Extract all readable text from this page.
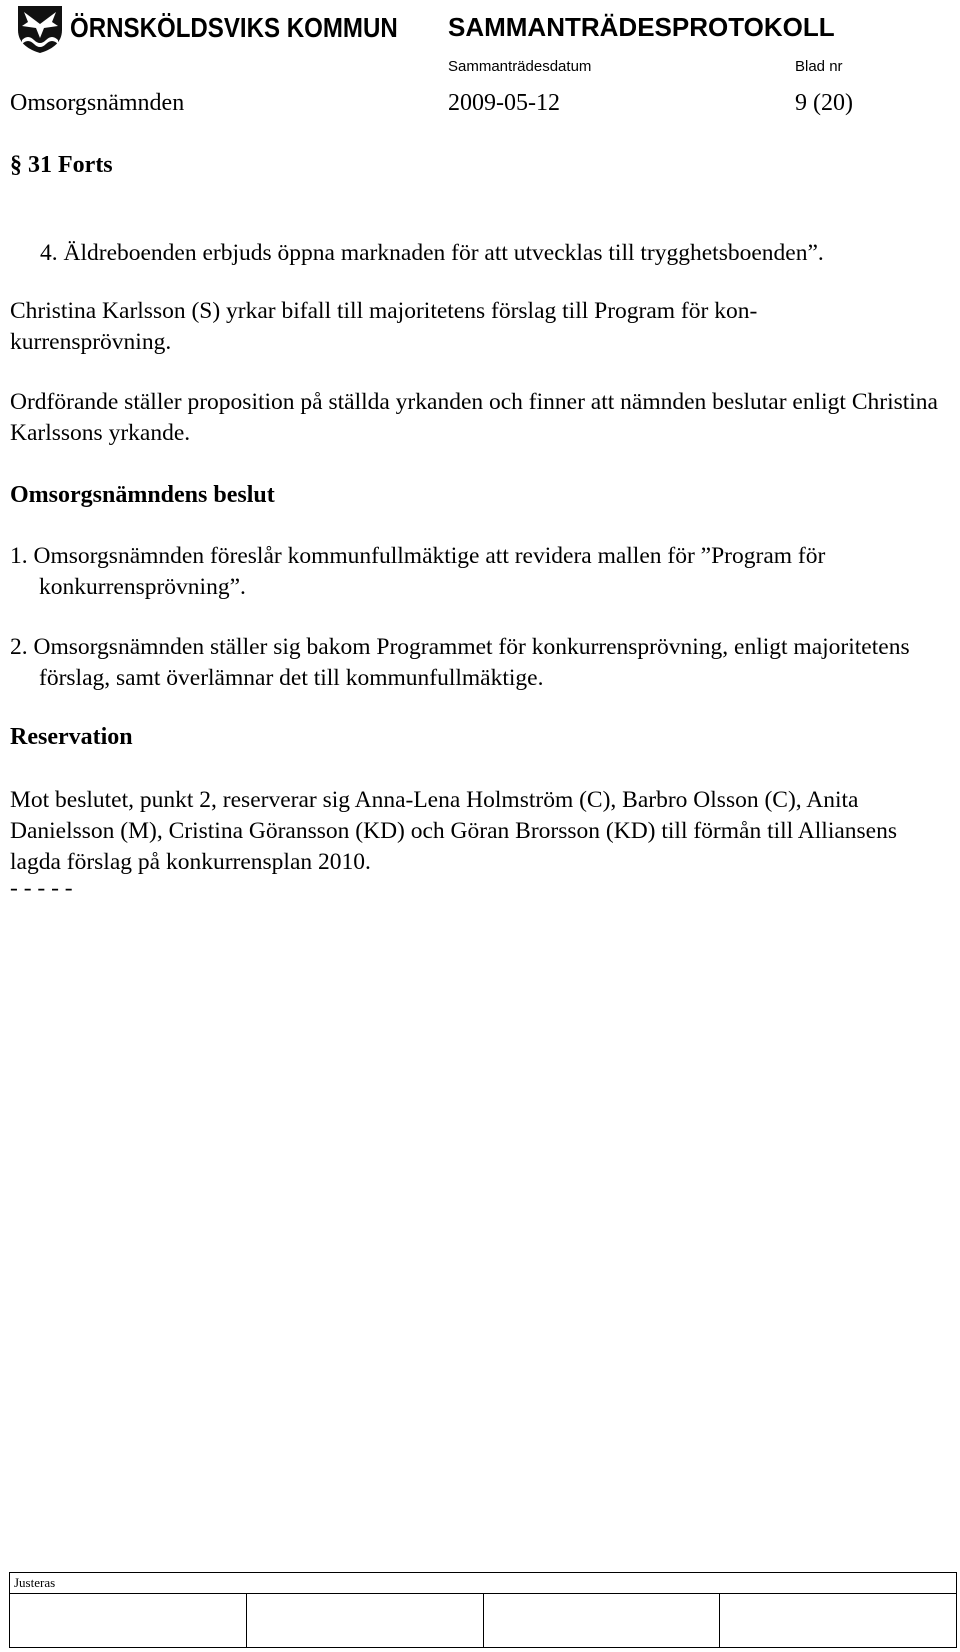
ÖRNSKÖLDSVIKS KOMMUN SAMMANTRÄDESPROTOKOLL
Sammanträdesdatum	Blad nr
Omsorgsnämnden	2009-05-12	9 (20)
§ 31 Forts
4. Äldreboenden erbjuds öppna marknaden för att utvecklas till trygghetsboenden”.
Christina Karlsson (S) yrkar bifall till majoritetens förslag till Program för kon-
kurrensprövning.
Ordförande ställer proposition på ställda yrkanden och finner att nämnden beslutar enligt Christina Karlssons yrkande.
Omsorgsnämndens beslut
1. Omsorgsnämnden föreslår kommunfullmäktige att revidera mallen för ”Program för konkurrensprövning”.
2. Omsorgsnämnden ställer sig bakom Programmet för konkurrensprövning, enligt majoritetens förslag, samt överlämnar det till kommunfullmäktige.
Reservation
Mot beslutet, punkt 2, reserverar sig Anna-Lena Holmström (C), Barbro Olsson (C), Anita Danielsson (M), Cristina Göransson (KD) och Göran Brorsson (KD) till förmån till Alliansens lagda förslag på konkurrensplan 2010.
- - - - -
Justeras
